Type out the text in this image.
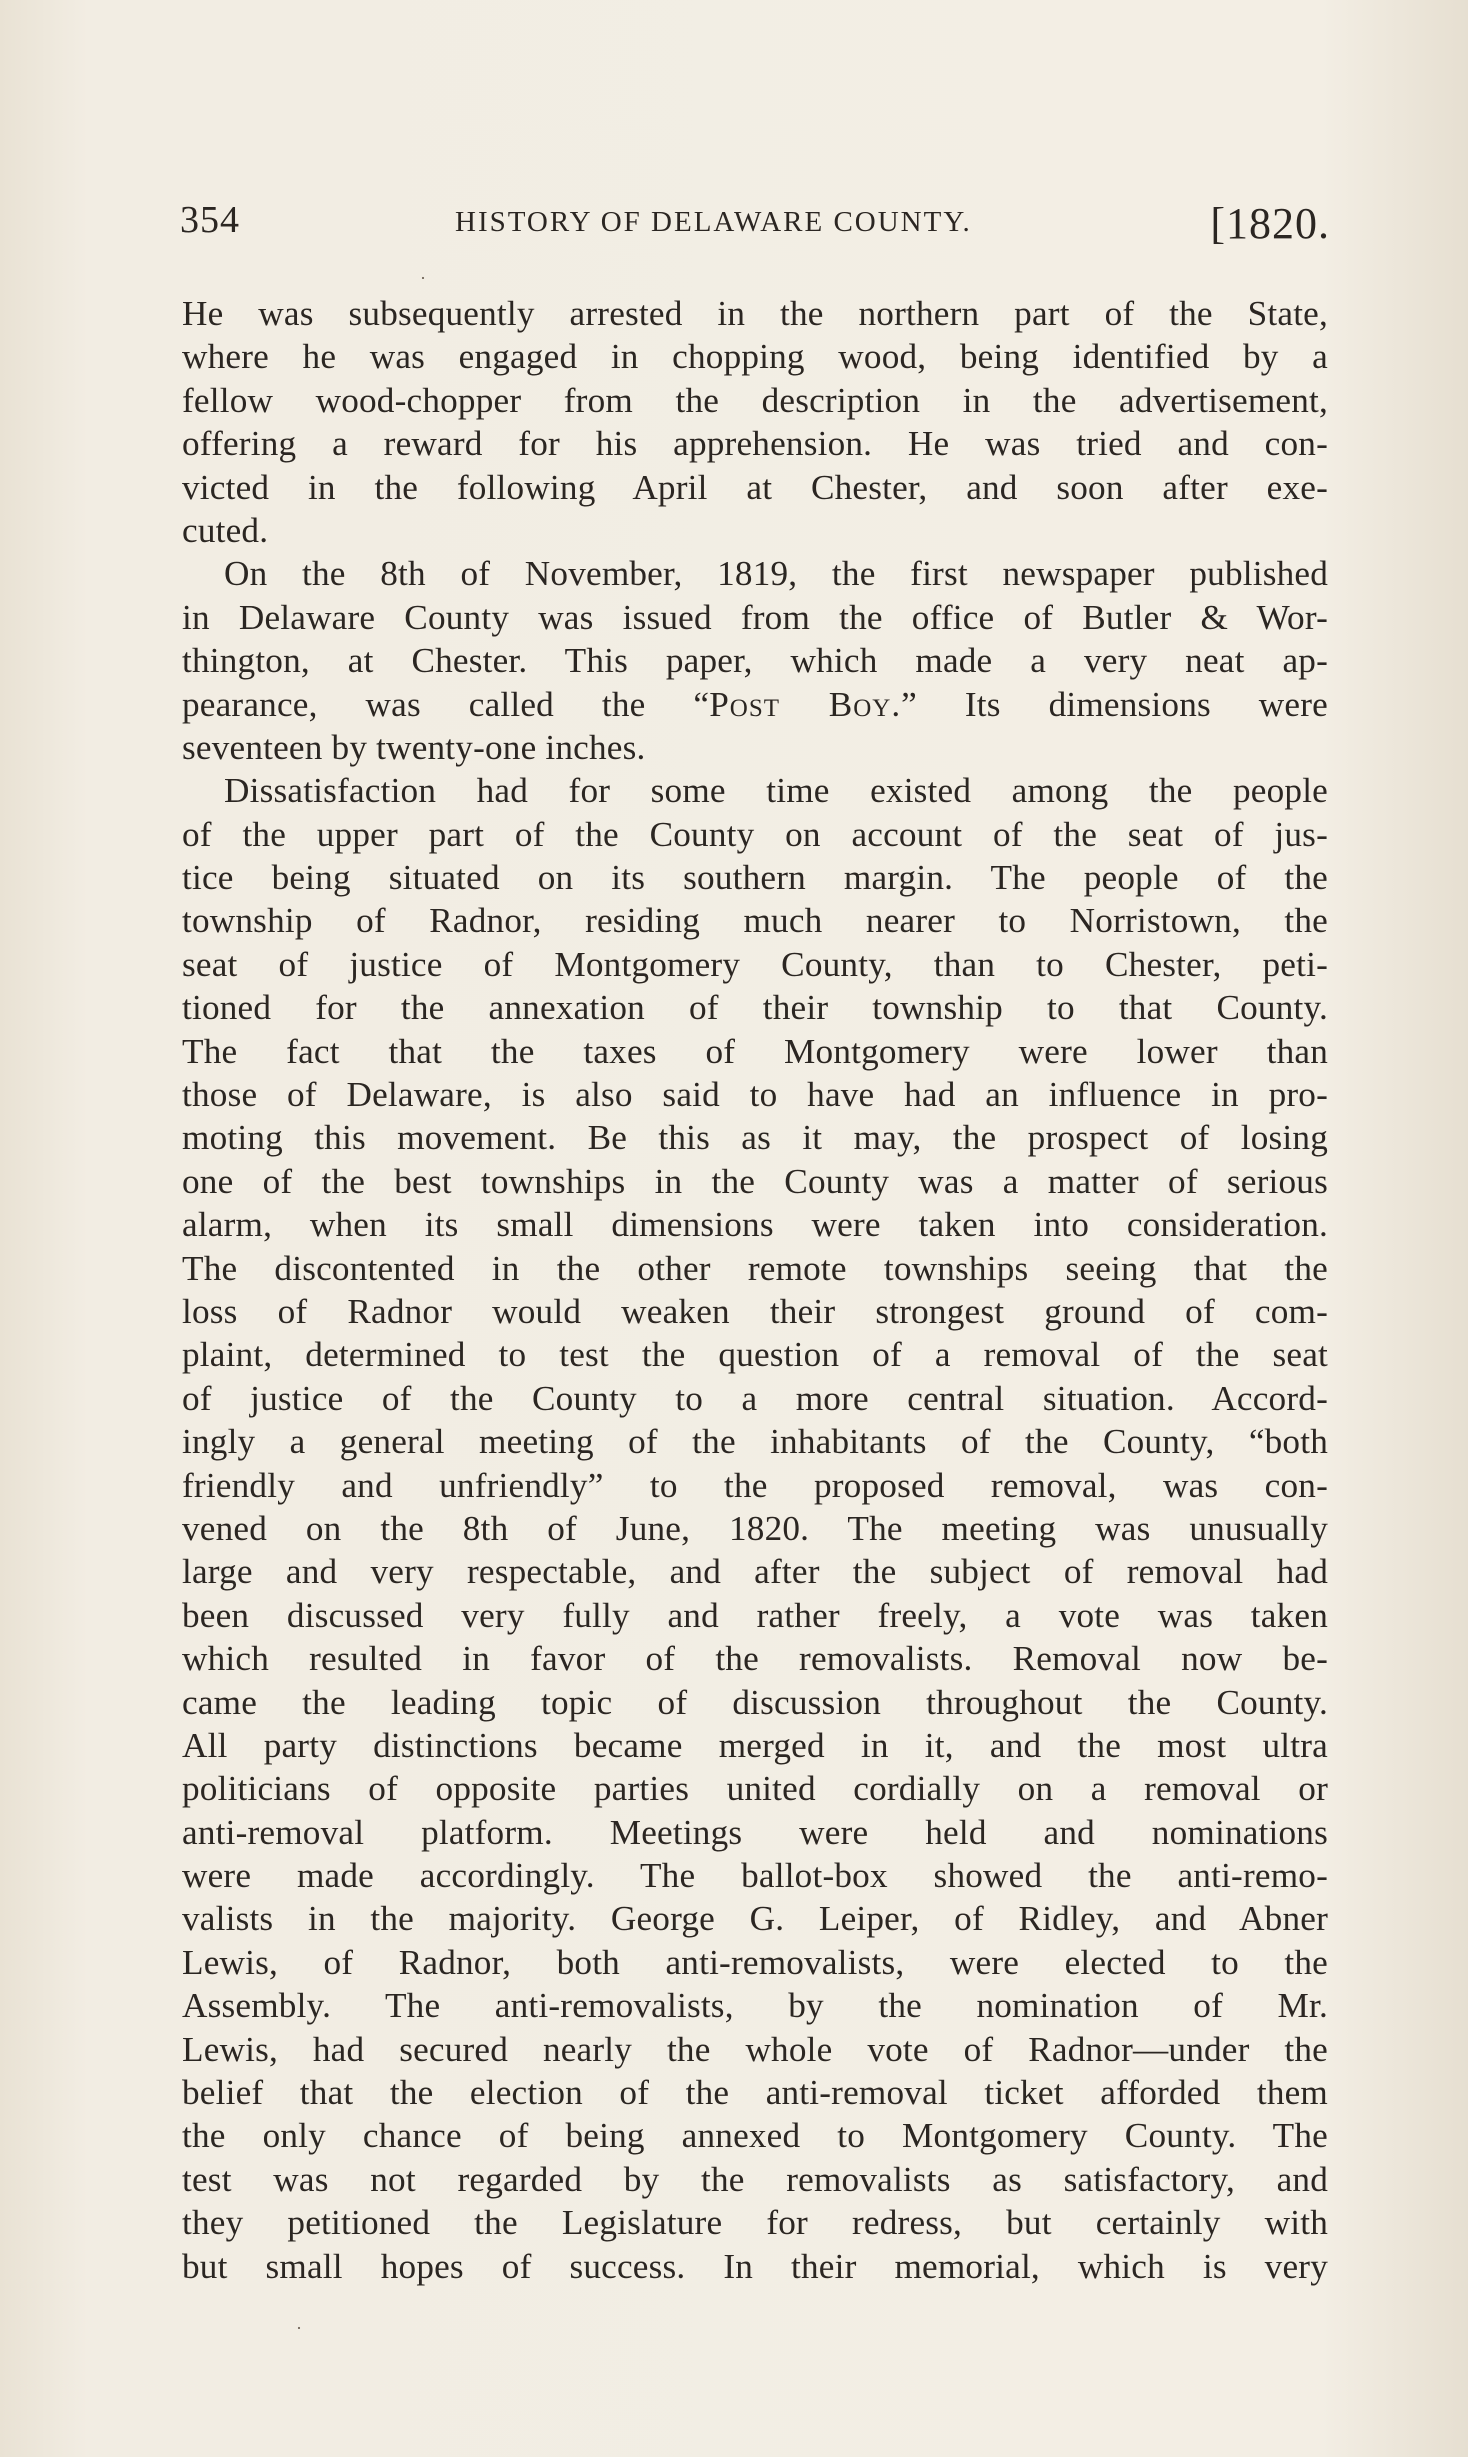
354	HISTORY OF DELAWARE COUNTY.	[1820.
·
He was subsequently arrested in the northern part of the State,
where he was engaged in chopping wood, being identified by a
fellow wood-chopper from the description in the advertisement,
offering a reward for his apprehension. He was tried and con-
victed in the following April at Chester, and soon after exe-
cuted.
On the 8th of November, 1819, the first newspaper published
in Delaware County was issued from the office of Butler & Wor-
thington, at Chester. This paper, which made a very neat ap-
pearance, was called the “Post Boy.” Its dimensions were
seventeen by twenty-one inches.
Dissatisfaction had for some time existed among the people
of the upper part of the County on account of the seat of jus-
tice being situated on its southern margin. The people of the
township of Radnor, residing much nearer to Norristown, the
seat of justice of Montgomery County, than to Chester, peti-
tioned for the annexation of their township to that County.
The fact that the taxes of Montgomery were lower than
those of Delaware, is also said to have had an influence in pro-
moting this movement. Be this as it may, the prospect of losing
one of the best townships in the County was a matter of serious
alarm, when its small dimensions were taken into consideration.
The discontented in the other remote townships seeing that the
loss of Radnor would weaken their strongest ground of com-
plaint, determined to test the question of a removal of the seat
of justice of the County to a more central situation. Accord-
ingly a general meeting of the inhabitants of the County, “both
friendly and unfriendly” to the proposed removal, was con-
vened on the 8th of June, 1820. The meeting was unusually
large and very respectable, and after the subject of removal had
been discussed very fully and rather freely, a vote was taken
which resulted in favor of the removalists. Removal now be-
came the leading topic of discussion throughout the County.
All party distinctions became merged in it, and the most ultra
politicians of opposite parties united cordially on a removal or
anti-removal platform. Meetings were held and nominations
were made accordingly. The ballot-box showed the anti-remo-
valists in the majority. George G. Leiper, of Ridley, and Abner
Lewis, of Radnor, both anti-removalists, were elected to the
Assembly. The anti-removalists, by the nomination of Mr.
Lewis, had secured nearly the whole vote of Radnor—under the
belief that the election of the anti-removal ticket afforded them
the only chance of being annexed to Montgomery County. The
test was not regarded by the removalists as satisfactory, and
they petitioned the Legislature for redress, but certainly with
but small hopes of success. In their memorial, which is very
·
